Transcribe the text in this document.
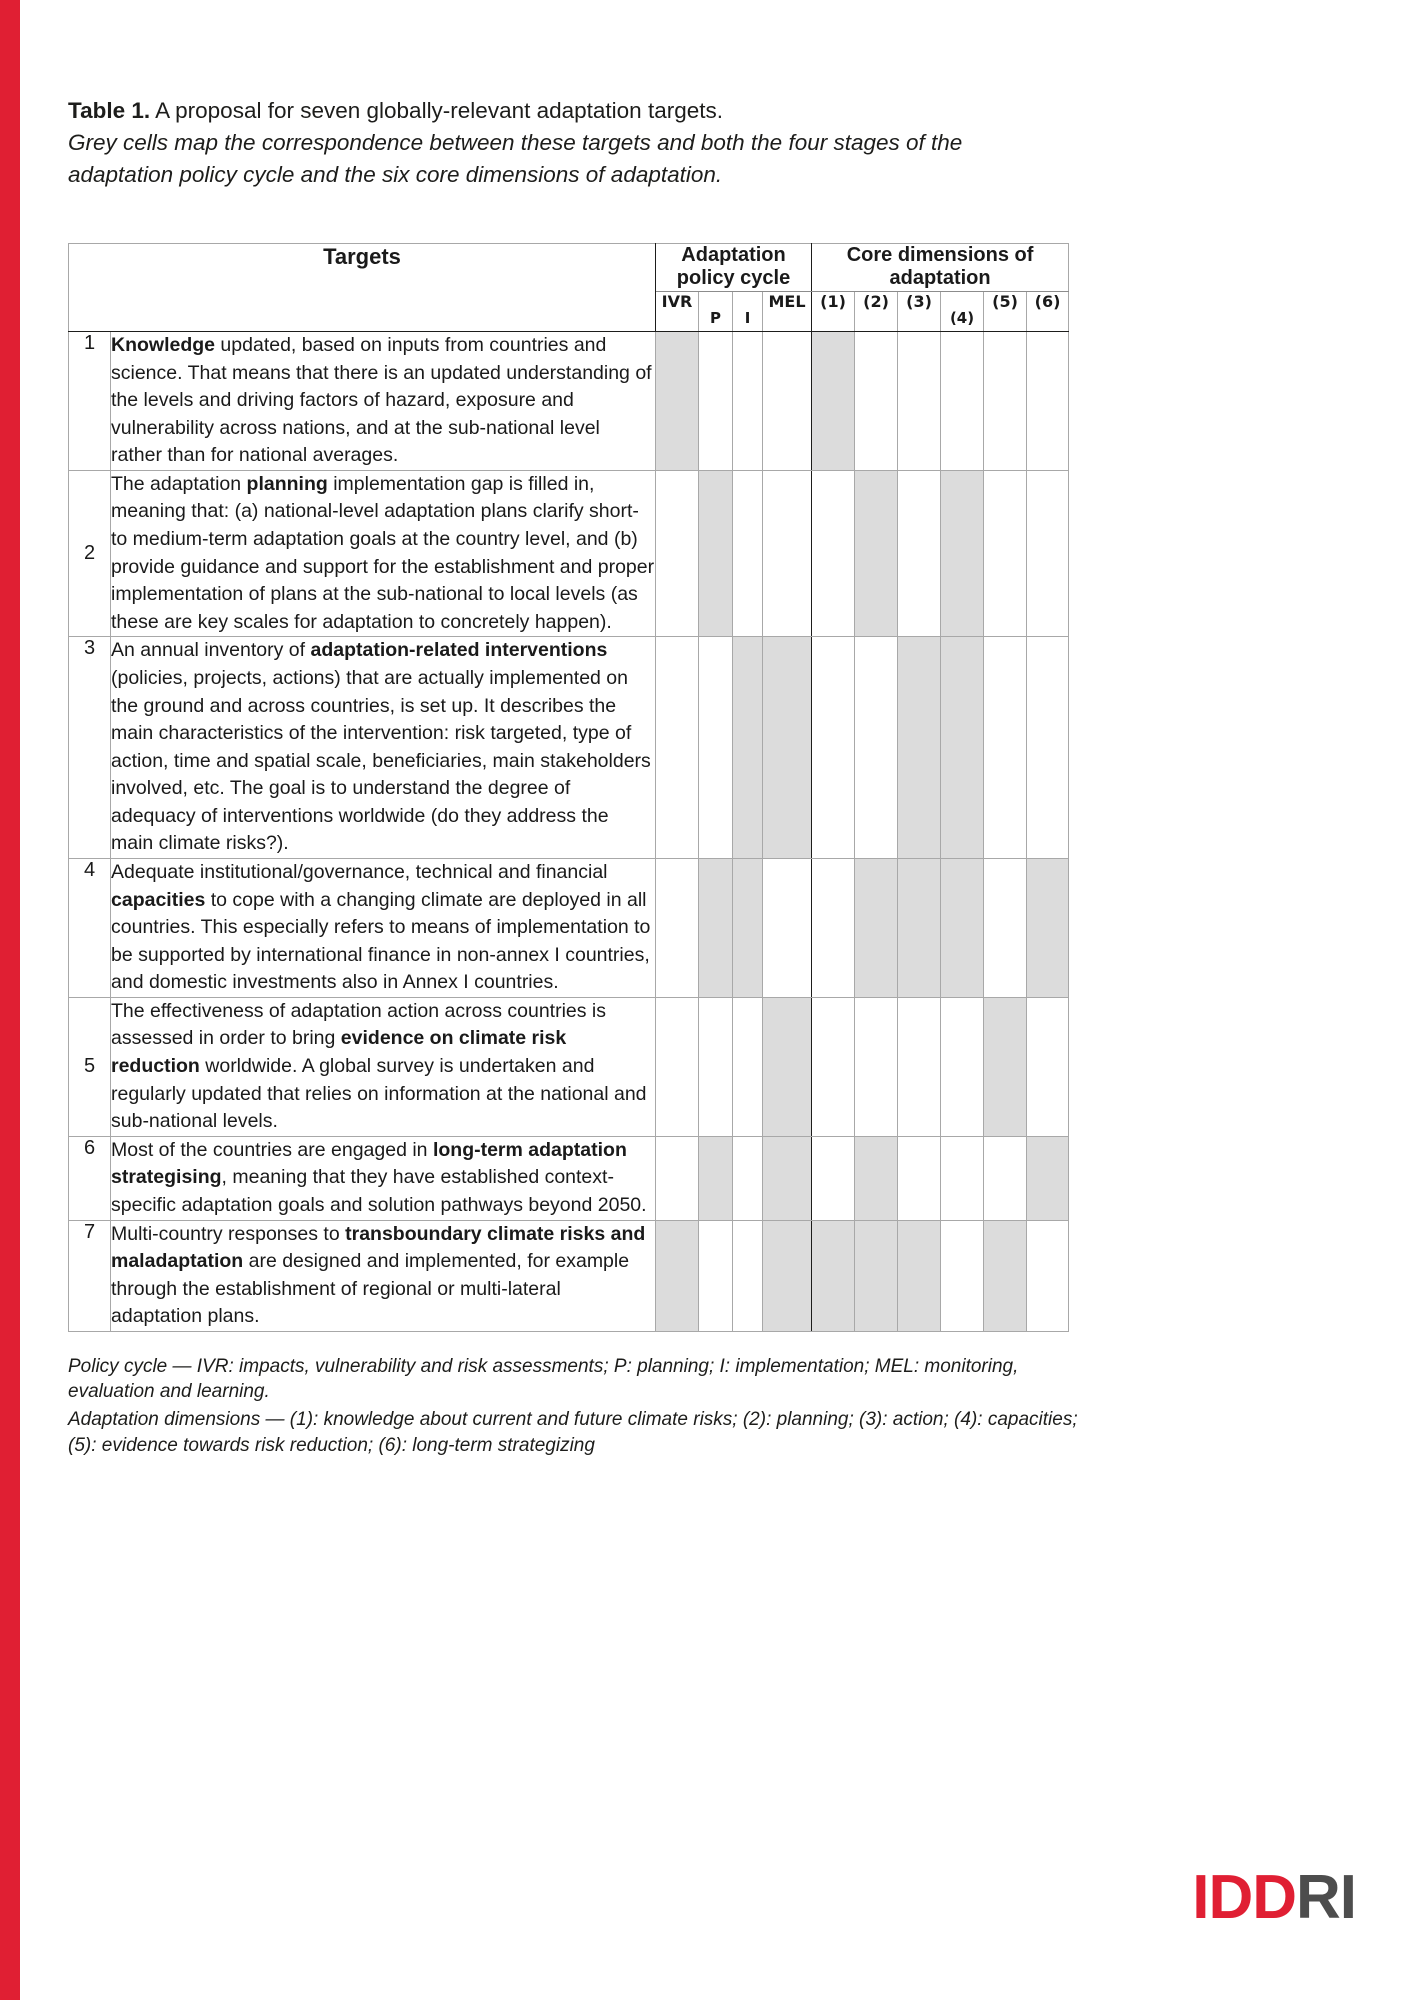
Table 1. A proposal for seven globally-relevant adaptation targets.
Grey cells map the correspondence between these targets and both the four stages of the adaptation policy cycle and the six core dimensions of adaptation.
Targets		Adaptation policy cycle				Core dimensions of adaptation					
		IVR	P	I	MEL	(1)	(2)	(3)	(4)	(5)	(6)
1	Knowledge updated, based on inputs from countries and science. That means that there is an updated understanding of the levels and driving factors of hazard, exposure and vulnerability across nations, and at the sub-national level rather than for national averages.										
2	The adaptation planning implementation gap is filled in, meaning that: (a) national-level adaptation plans clarify short- to medium-term adaptation goals at the country level, and (b) provide guidance and support for the establishment and proper implementation of plans at the sub-national to local levels (as these are key scales for adaptation to concretely happen).										
3	An annual inventory of adaptation-related interventions (policies, projects, actions) that are actually implemented on the ground and across countries, is set up. It describes the main characteristics of the intervention: risk targeted, type of action, time and spatial scale, beneficiaries, main stakeholders involved, etc. The goal is to understand the degree of adequacy of interventions worldwide (do they address the main climate risks?).										
4	Adequate institutional/governance, technical and financial capacities to cope with a changing climate are deployed in all countries. This especially refers to means of implementation to be supported by international finance in non-annex I countries, and domestic investments also in Annex I countries.										
5	The effectiveness of adaptation action across countries is assessed in order to bring evidence on climate risk reduction worldwide. A global survey is undertaken and regularly updated that relies on information at the national and sub-national levels.										
6	Most of the countries are engaged in long-term adaptation strategising, meaning that they have established context-specific adaptation goals and solution pathways beyond 2050.										
7	Multi-country responses to transboundary climate risks and maladaptation are designed and implemented, for example through the establishment of regional or multi-lateral adaptation plans.										

Policy cycle — IVR: impacts, vulnerability and risk assessments; P: planning; I: implementation; MEL: monitoring, evaluation and learning.

Adaptation dimensions — (1): knowledge about current and future climate risks; (2): planning; (3): action; (4): capacities; (5): evidence towards risk reduction; (6): long-term strategizing

IDDRI
